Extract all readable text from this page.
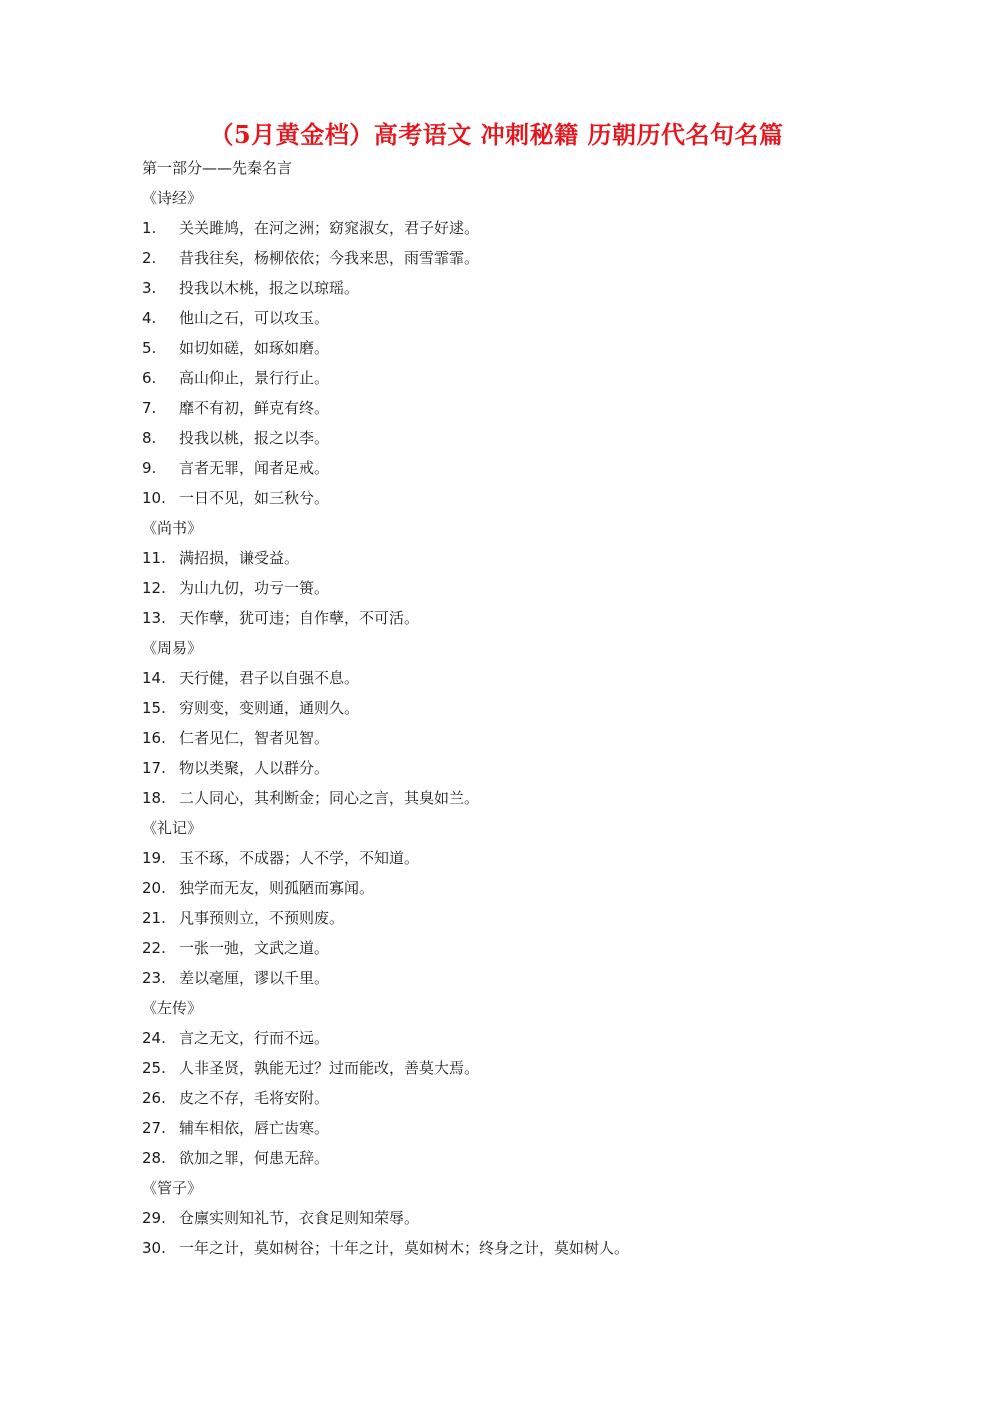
（5月黄金档）高考语文 冲刺秘籍 历朝历代名句名篇
第一部分——先秦名言
《诗经》
1. 关关雎鸠，在河之洲；窈窕淑女，君子好逑。
2. 昔我往矣，杨柳依依；今我来思，雨雪霏霏。
3. 投我以木桃，报之以琼瑶。
4. 他山之石，可以攻玉。
5. 如切如磋，如琢如磨。
6. 高山仰止，景行行止。
7. 靡不有初，鲜克有终。
8. 投我以桃，报之以李。
9. 言者无罪，闻者足戒。
10. 一日不见，如三秋兮。
《尚书》
11. 满招损，谦受益。
12. 为山九仞，功亏一篑。
13. 天作孽，犹可违；自作孽，不可活。
《周易》
14. 天行健，君子以自强不息。
15. 穷则变，变则通，通则久。
16. 仁者见仁，智者见智。
17. 物以类聚，人以群分。
18. 二人同心，其利断金；同心之言，其臭如兰。
《礼记》
19. 玉不琢，不成器；人不学，不知道。
20. 独学而无友，则孤陋而寡闻。
21. 凡事预则立，不预则废。
22. 一张一弛，文武之道。
23. 差以毫厘，谬以千里。
《左传》
24. 言之无文，行而不远。
25. 人非圣贤，孰能无过？过而能改，善莫大焉。
26. 皮之不存，毛将安附。
27. 辅车相依，唇亡齿寒。
28. 欲加之罪，何患无辞。
《管子》
29. 仓廪实则知礼节，衣食足则知荣辱。
30. 一年之计，莫如树谷；十年之计，莫如树木；终身之计，莫如树人。
